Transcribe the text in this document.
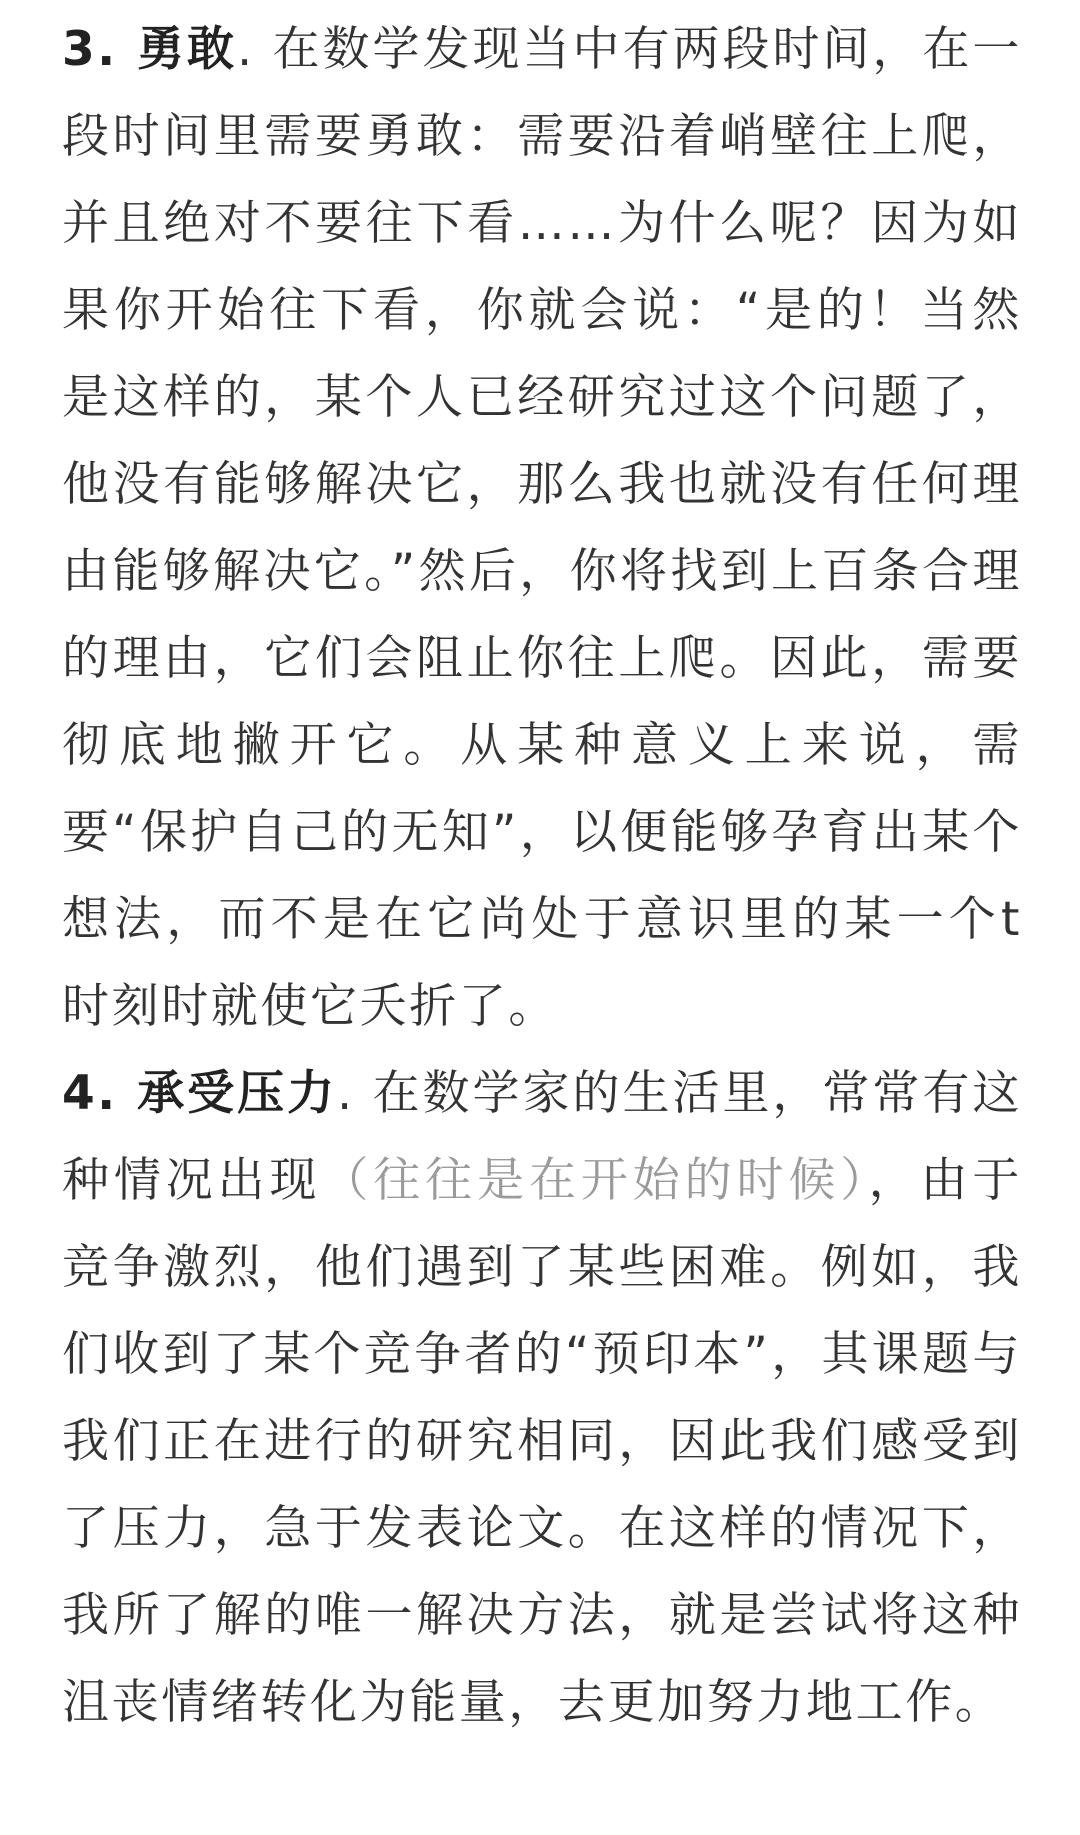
3. 勇敢. 在数学发现当中有两段时间，在一段时间里需要勇敢：需要沿着峭壁往上爬，并且绝对不要往下看……为什么呢？因为如果你开始往下看，你就会说：“是的！当然是这样的，某个人已经研究过这个问题了，他没有能够解决它，那么我也就没有任何理由能够解决它。”然后，你将找到上百条合理的理由，它们会阻止你往上爬。因此，需要彻底地撇开它。从某种意义上来说，需要“保护自己的无知”，以便能够孕育出某个想法，而不是在它尚处于意识里的某一个t时刻时就使它夭折了。

4. 承受压力. 在数学家的生活里，常常有这种情况出现（往往是在开始的时候），由于竞争激烈，他们遇到了某些困难。例如，我们收到了某个竞争者的“预印本”，其课题与我们正在进行的研究相同，因此我们感受到了压力，急于发表论文。在这样的情况下，我所了解的唯一解决方法，就是尝试将这种沮丧情绪转化为能量，去更加努力地工作。
